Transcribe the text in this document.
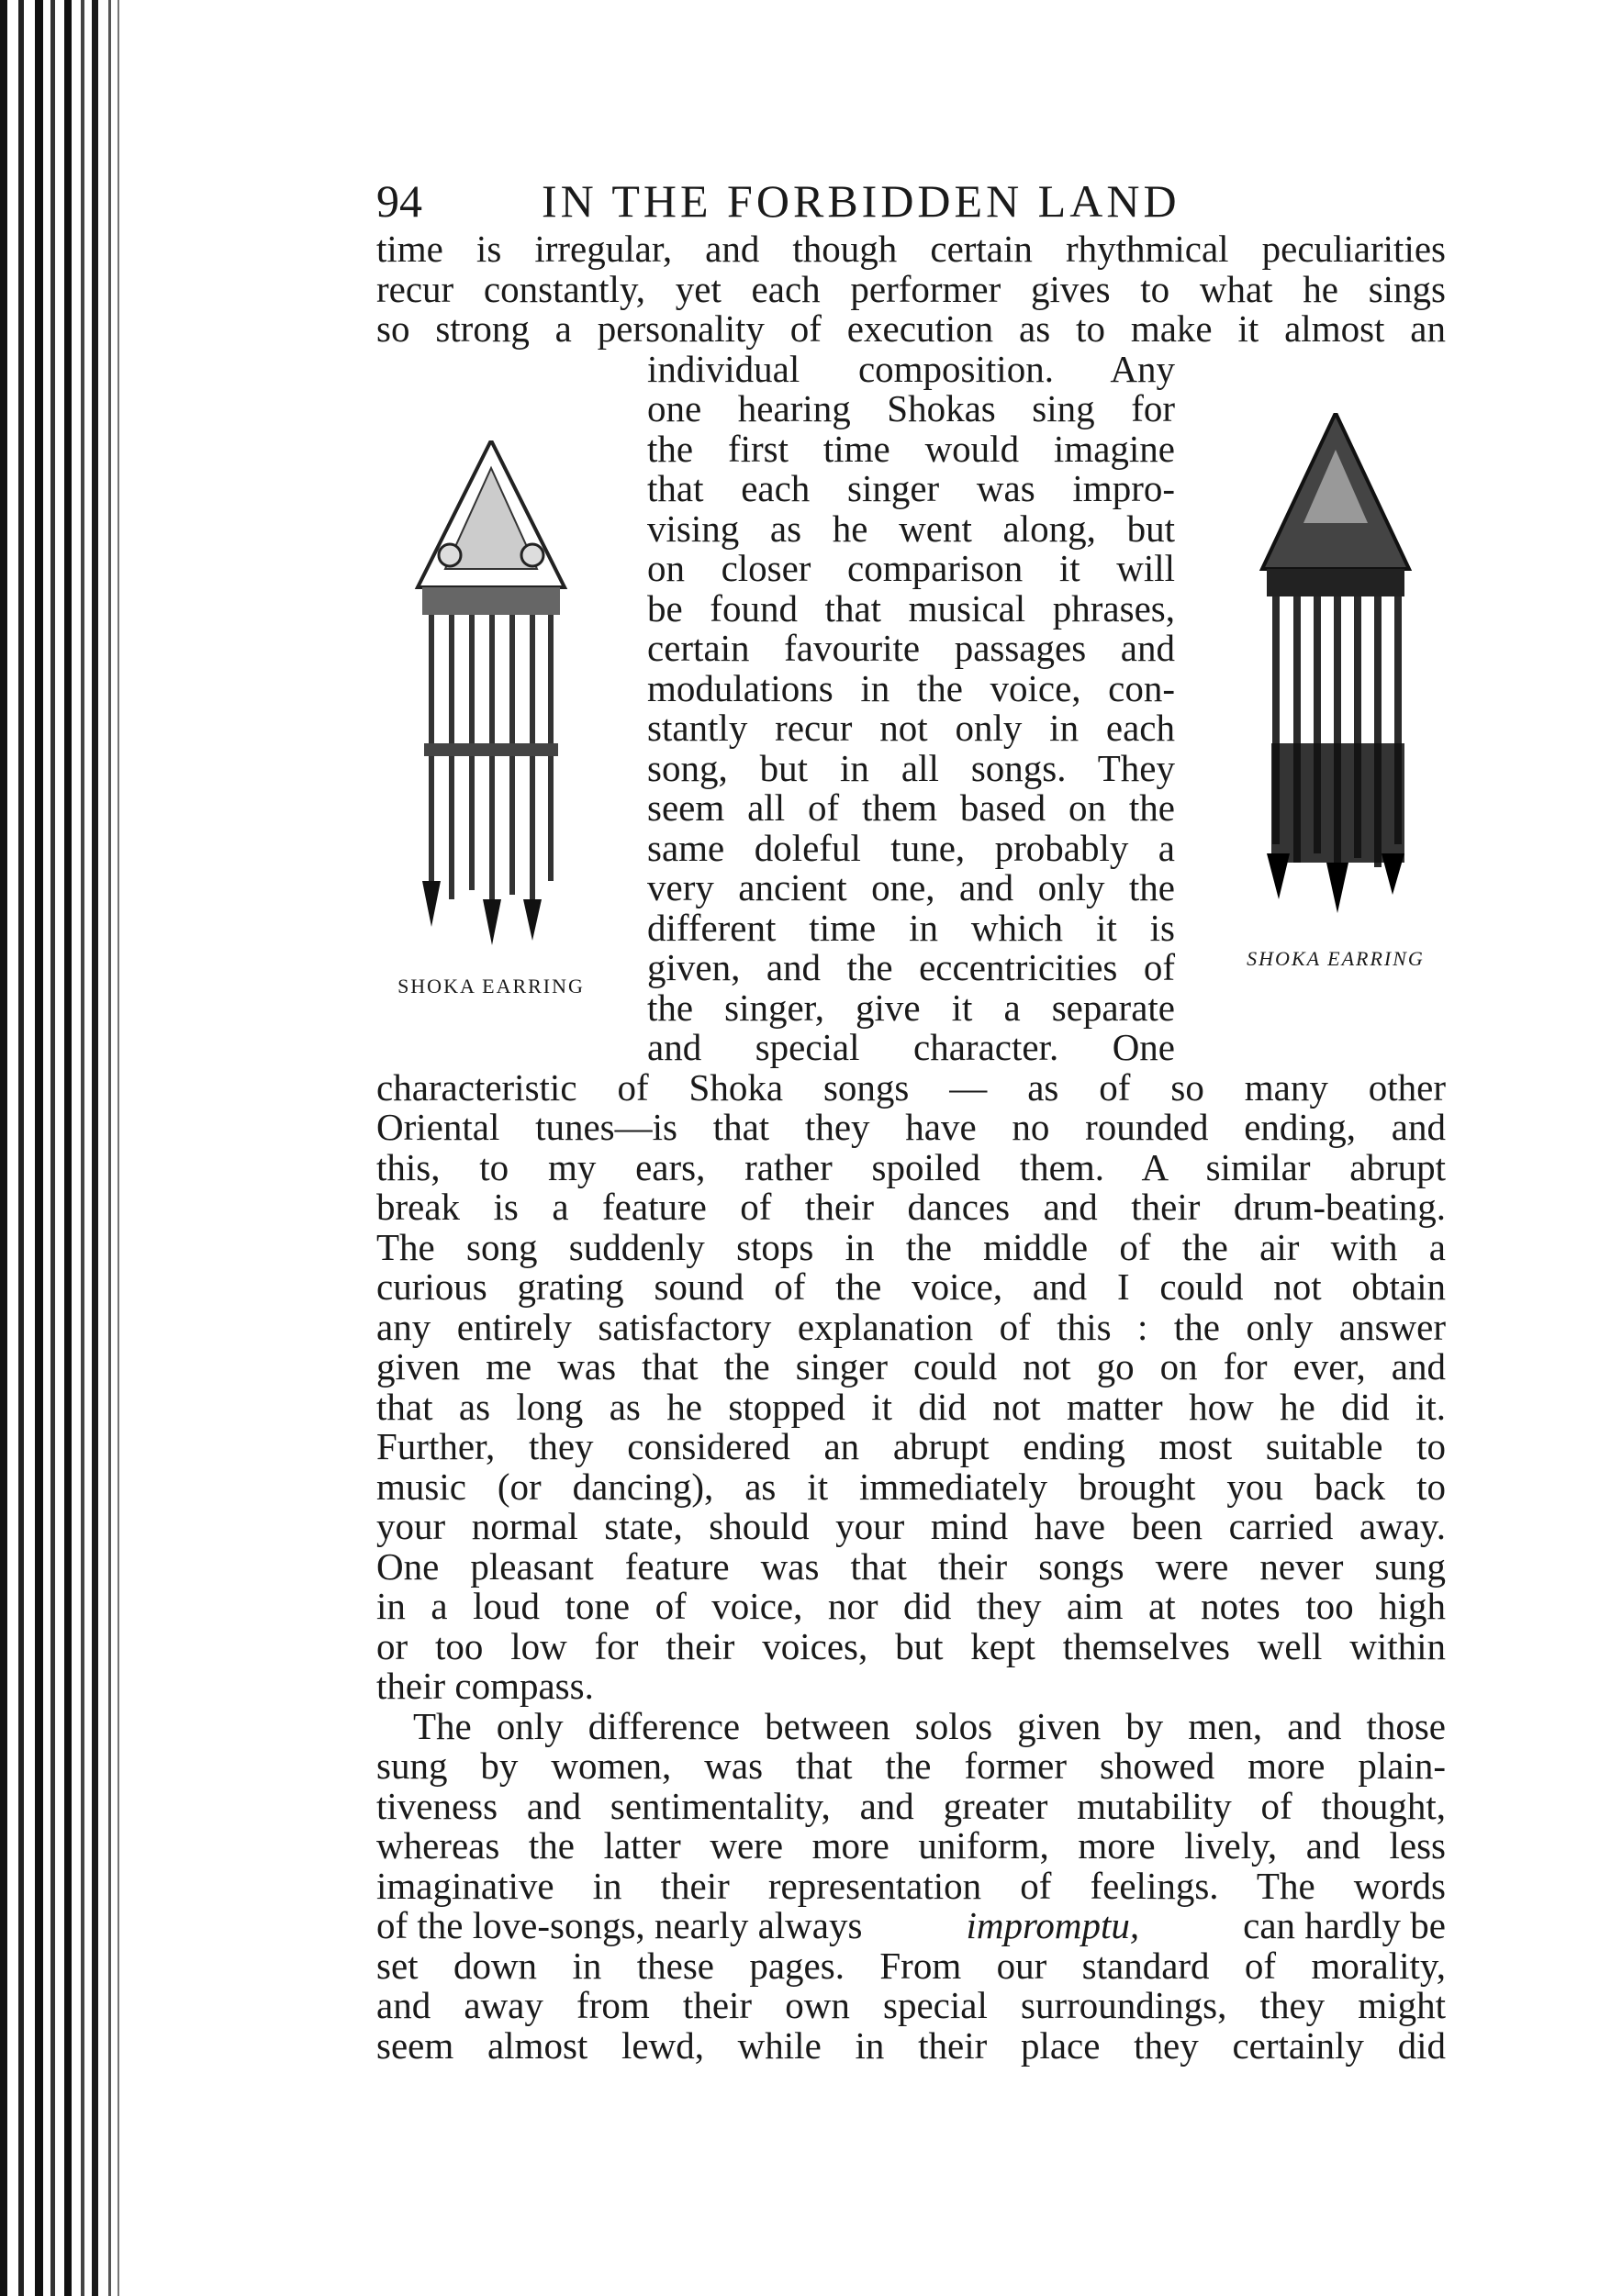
94	IN THE FORBIDDEN LAND
SHOKA EARRING
SHOKA EARRING
time is irregular, and though certain rhythmical peculiarities
recur constantly, yet each performer gives to what he sings
so strong a personality of execution as to make it almost an
individual composition. Any
one hearing Shokas sing for
the first time would imagine
that each singer was impro-
vising as he went along, but
on closer comparison it will
be found that musical phrases,
certain favourite passages and
modulations in the voice, con-
stantly recur not only in each
song, but in all songs. They
seem all of them based on the
same doleful tune, probably a
very ancient one, and only the
different time in which it is
given, and the eccentricities of
the singer, give it a separate
and special character. One
characteristic of Shoka songs — as of so many other
Oriental tunes—is that they have no rounded ending, and
this, to my ears, rather spoiled them. A similar abrupt
break is a feature of their dances and their drum-beating.
The song suddenly stops in the middle of the air with a
curious grating sound of the voice, and I could not obtain
any entirely satisfactory explanation of this : the only answer
given me was that the singer could not go on for ever, and
that as long as he stopped it did not matter how he did it.
Further, they considered an abrupt ending most suitable to
music (or dancing), as it immediately brought you back to
your normal state, should your mind have been carried away.
One pleasant feature was that their songs were never sung
in a loud tone of voice, nor did they aim at notes too high
or too low for their voices, but kept themselves well within
their compass.
The only difference between solos given by men, and those
sung by women, was that the former showed more plain-
tiveness and sentimentality, and greater mutability of thought,
whereas the latter were more uniform, more lively, and less
imaginative in their representation of feelings. The words
of the love-songs, nearly always	impromptu,	can hardly be
set down in these pages. From our standard of morality,
and away from their own special surroundings, they might
seem almost lewd, while in their place they certainly did
